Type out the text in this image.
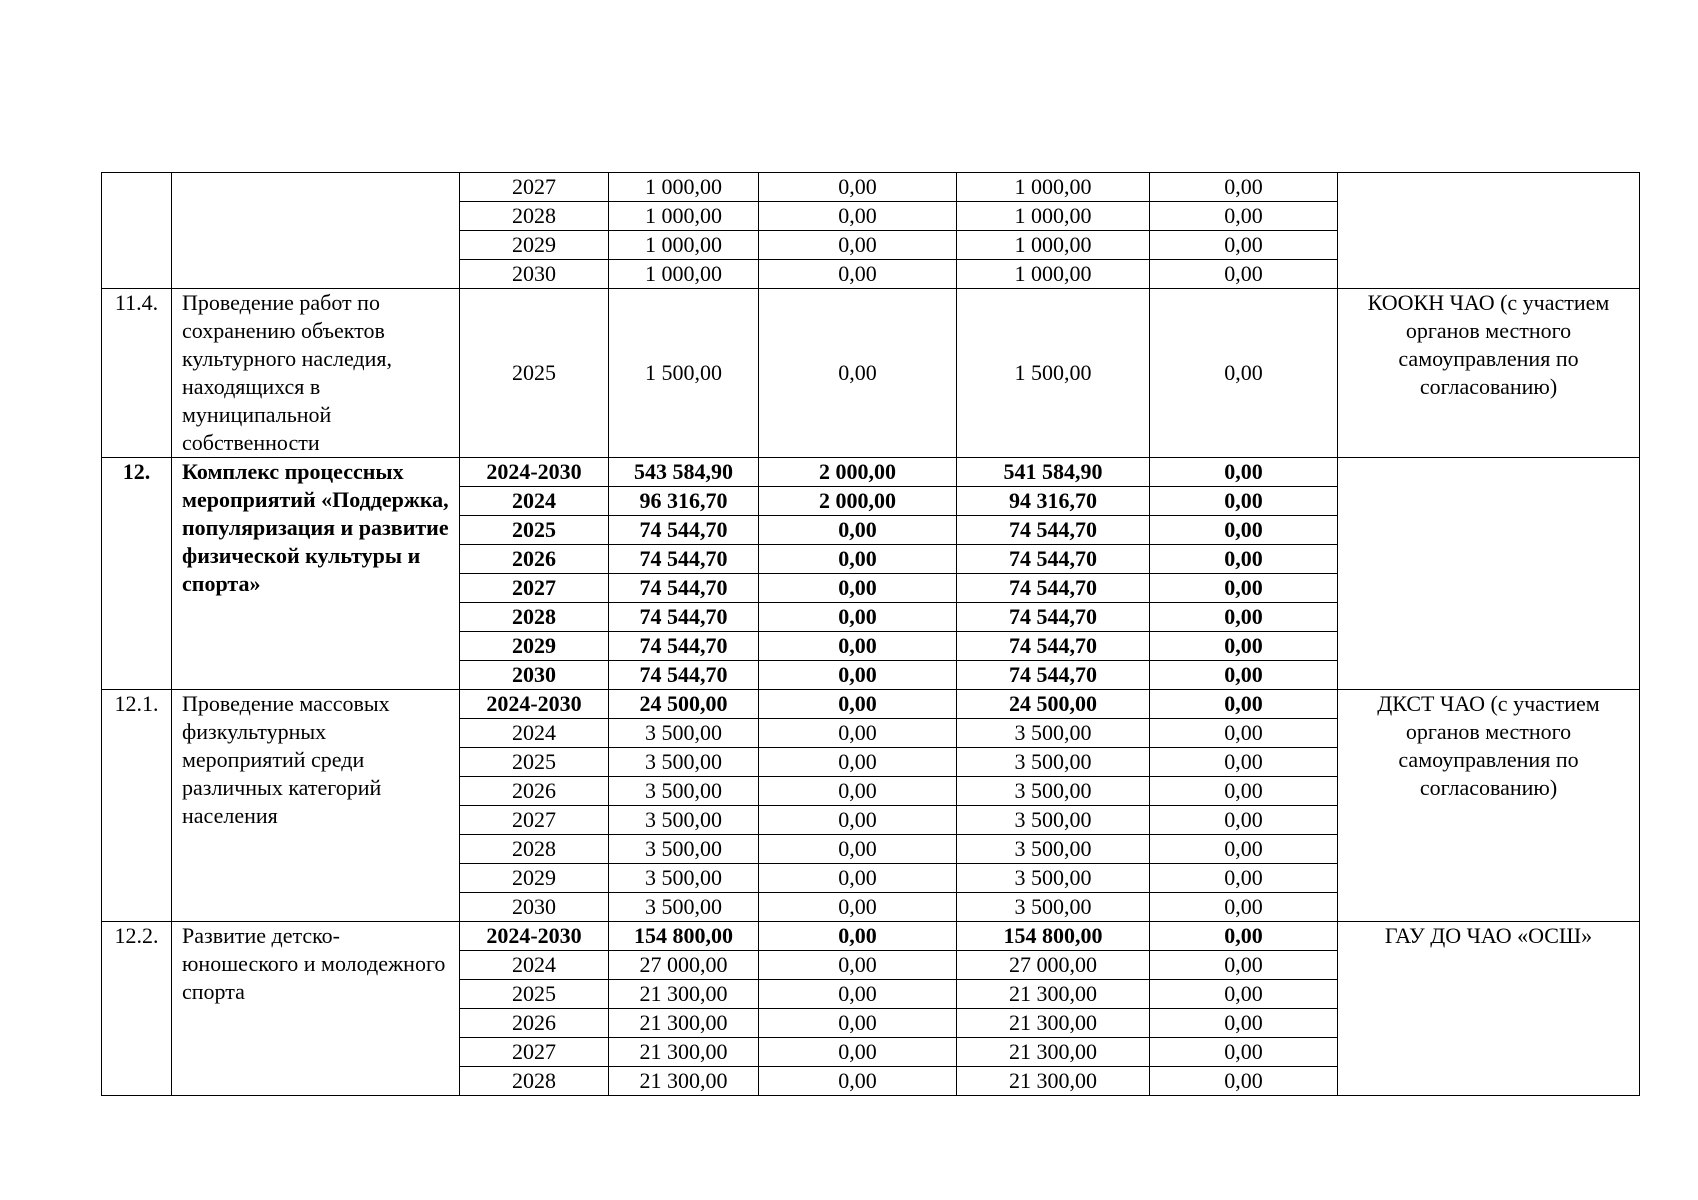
		2027	1 000,00	0,00	1 000,00	0,00	
		2028	1 000,00	0,00	1 000,00	0,00	
		2029	1 000,00	0,00	1 000,00	0,00	
		2030	1 000,00	0,00	1 000,00	0,00	
11.4.	Проведение работ по сохранению объектов культурного наследия, находящихся в муниципальной собственности	2025	1 500,00	0,00	1 500,00	0,00	КООКН ЧАО (с участием органов местного самоуправления по согласованию)
12.	Комплекс процессных мероприятий «Поддержка, популяризация и развитие физической культуры и спорта»	2024-2030	543 584,90	2 000,00	541 584,90	0,00	
		2024	96 316,70	2 000,00	94 316,70	0,00	
		2025	74 544,70	0,00	74 544,70	0,00	
		2026	74 544,70	0,00	74 544,70	0,00	
		2027	74 544,70	0,00	74 544,70	0,00	
		2028	74 544,70	0,00	74 544,70	0,00	
		2029	74 544,70	0,00	74 544,70	0,00	
		2030	74 544,70	0,00	74 544,70	0,00	
12.1.	Проведение массовых физкультурных мероприятий среди различных категорий населения	2024-2030	24 500,00	0,00	24 500,00	0,00	ДКСТ ЧАО (с участием органов местного самоуправления по согласованию)
		2024	3 500,00	0,00	3 500,00	0,00	
		2025	3 500,00	0,00	3 500,00	0,00	
		2026	3 500,00	0,00	3 500,00	0,00	
		2027	3 500,00	0,00	3 500,00	0,00	
		2028	3 500,00	0,00	3 500,00	0,00	
		2029	3 500,00	0,00	3 500,00	0,00	
		2030	3 500,00	0,00	3 500,00	0,00	
12.2.	Развитие детско-юношеского и молодежного спорта	2024-2030	154 800,00	0,00	154 800,00	0,00	ГАУ ДО ЧАО «ОСШ»
		2024	27 000,00	0,00	27 000,00	0,00	
		2025	21 300,00	0,00	21 300,00	0,00	
		2026	21 300,00	0,00	21 300,00	0,00	
		2027	21 300,00	0,00	21 300,00	0,00	
		2028	21 300,00	0,00	21 300,00	0,00	
